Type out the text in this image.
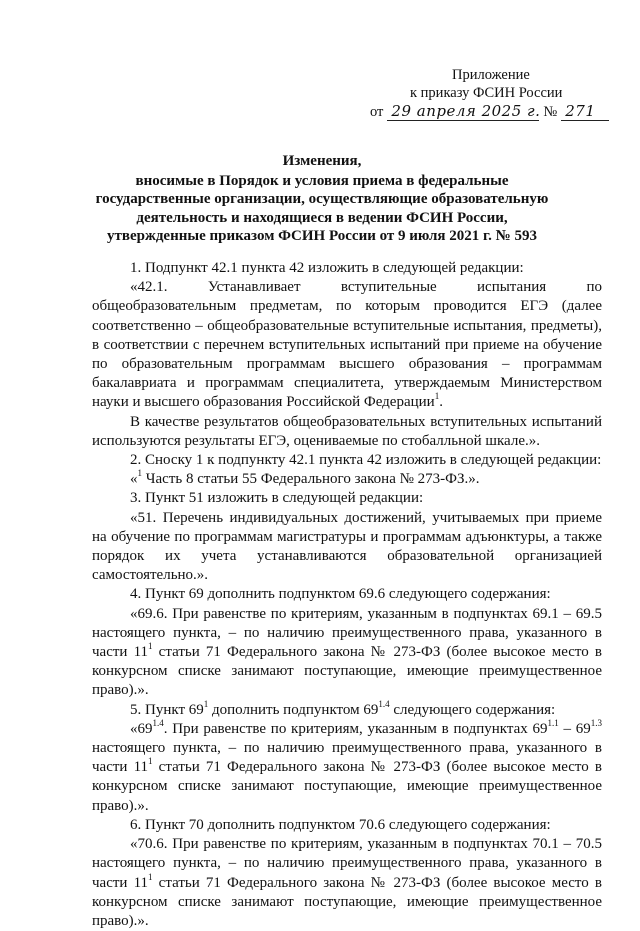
Приложение
к приказу ФСИН России
от 29 апреля 2025 г. № 271
Изменения,
вносимые в Порядок и условия приема в федеральные государственные организации, осуществляющие образовательную деятельность и находящиеся в ведении ФСИН России, утвержденные приказом ФСИН России от 9 июля 2021 г. № 593

1. Подпункт 42.1 пункта 42 изложить в следующей редакции:

«42.1. Устанавливает вступительные испытания по общеобразовательным предметам, по которым проводится ЕГЭ (далее соответственно – общеобразовательные вступительные испытания, предметы), в соответствии с перечнем вступительных испытаний при приеме на обучение по образовательным программам высшего образования – программам бакалавриата и программам специалитета, утверждаемым Министерством науки и высшего образования Российской Федерации$^1$.

В качестве результатов общеобразовательных вступительных испытаний используются результаты ЕГЭ, оцениваемые по стобалльной шкале.».

2. Сноску 1 к подпункту 42.1 пункта 42 изложить в следующей редакции:

«$^1$ Часть 8 статьи 55 Федерального закона № 273-ФЗ.».

3. Пункт 51 изложить в следующей редакции:

«51. Перечень индивидуальных достижений, учитываемых при приеме на обучение по программам магистратуры и программам адъюнктуры, а также порядок их учета устанавливаются образовательной организацией самостоятельно.».

4. Пункт 69 дополнить подпунктом 69.6 следующего содержания:

«69.6. При равенстве по критериям, указанным в подпунктах 69.1 – 69.5 настоящего пункта, – по наличию преимущественного права, указанного в части $11^1$ статьи 71 Федерального закона № 273-ФЗ (более высокое место в конкурсном списке занимают поступающие, имеющие преимущественное право).».

5. Пункт $69^1$ дополнить подпунктом $69^{1.4}$ следующего содержания:

«$69^{1.4}$. При равенстве по критериям, указанным в подпунктах $69^{1.1} - 69^{1.3}$ настоящего пункта, – по наличию преимущественного права, указанного в части $11^1$ статьи 71 Федерального закона № 273-ФЗ (более высокое место в конкурсном списке занимают поступающие, имеющие преимущественное право).».

6. Пункт 70 дополнить подпунктом 70.6 следующего содержания:

«70.6. При равенстве по критериям, указанным в подпунктах 70.1 – 70.5 настоящего пункта, – по наличию преимущественного права, указанного в части $11^1$ статьи 71 Федерального закона № 273-ФЗ (более высокое место в конкурсном списке занимают поступающие, имеющие преимущественное право).».
